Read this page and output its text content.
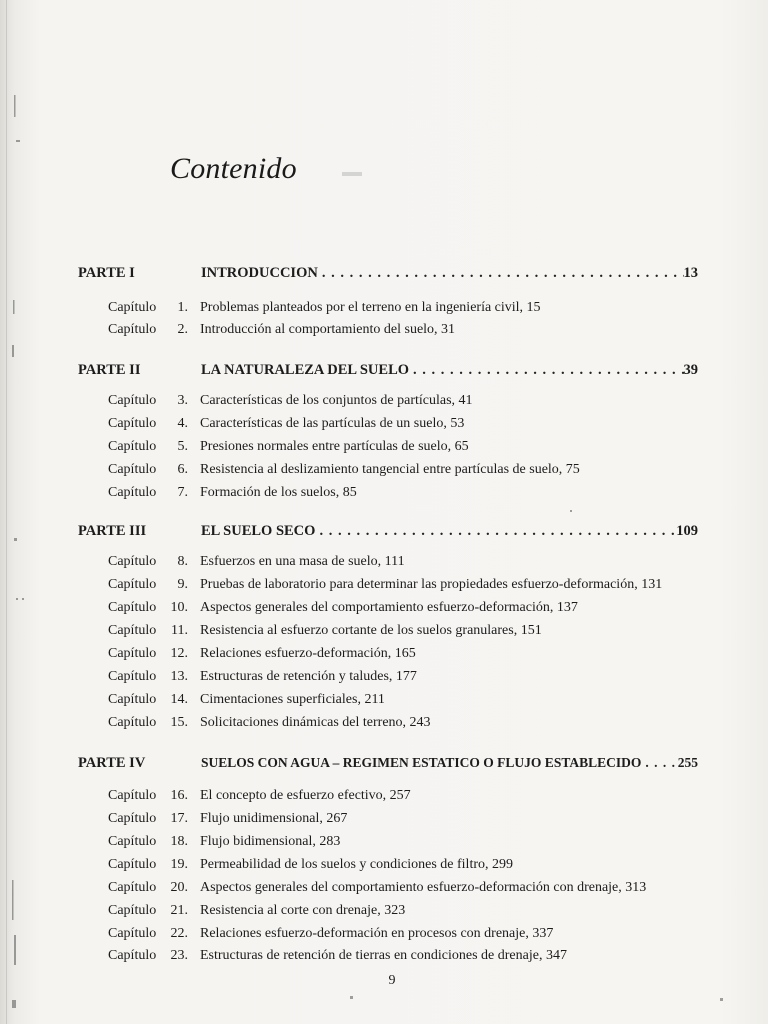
Contenido
PARTE I	INTRODUCCION . . .	13
Capítulo	1. Problemas planteados por el terreno en la ingeniería civil, 15
Capítulo	2. Introducción al comportamiento del suelo, 31
PARTE II	LA NATURALEZA DEL SUELO . . .	39
Capítulo	3. Características de los conjuntos de partículas, 41
Capítulo	4. Características de las partículas de un suelo, 53
Capítulo	5. Presiones normales entre partículas de suelo, 65
Capítulo	6. Resistencia al deslizamiento tangencial entre partículas de suelo, 75
Capítulo	7. Formación de los suelos, 85
PARTE III	EL SUELO SECO . . .	109
Capítulo	8. Esfuerzos en una masa de suelo, 111
Capítulo	9. Pruebas de laboratorio para determinar las propiedades esfuerzo-deformación, 131
Capítulo	10. Aspectos generales del comportamiento esfuerzo-deformación, 137
Capítulo	11. Resistencia al esfuerzo cortante de los suelos granulares, 151
Capítulo	12. Relaciones esfuerzo-deformación, 165
Capítulo	13. Estructuras de retención y taludes, 177
Capítulo	14. Cimentaciones superficiales, 211
Capítulo	15. Solicitaciones dinámicas del terreno, 243
PARTE IV	SUELOS CON AGUA – REGIMEN ESTATICO O FLUJO ESTABLECIDO . . .	255
Capítulo	16. El concepto de esfuerzo efectivo, 257
Capítulo	17. Flujo unidimensional, 267
Capítulo	18. Flujo bidimensional, 283
Capítulo	19. Permeabilidad de los suelos y condiciones de filtro, 299
Capítulo	20. Aspectos generales del comportamiento esfuerzo-deformación con drenaje, 313
Capítulo	21. Resistencia al corte con drenaje, 323
Capítulo	22. Relaciones esfuerzo-deformación en procesos con drenaje, 337
Capítulo	23. Estructuras de retención de tierras en condiciones de drenaje, 347
9
